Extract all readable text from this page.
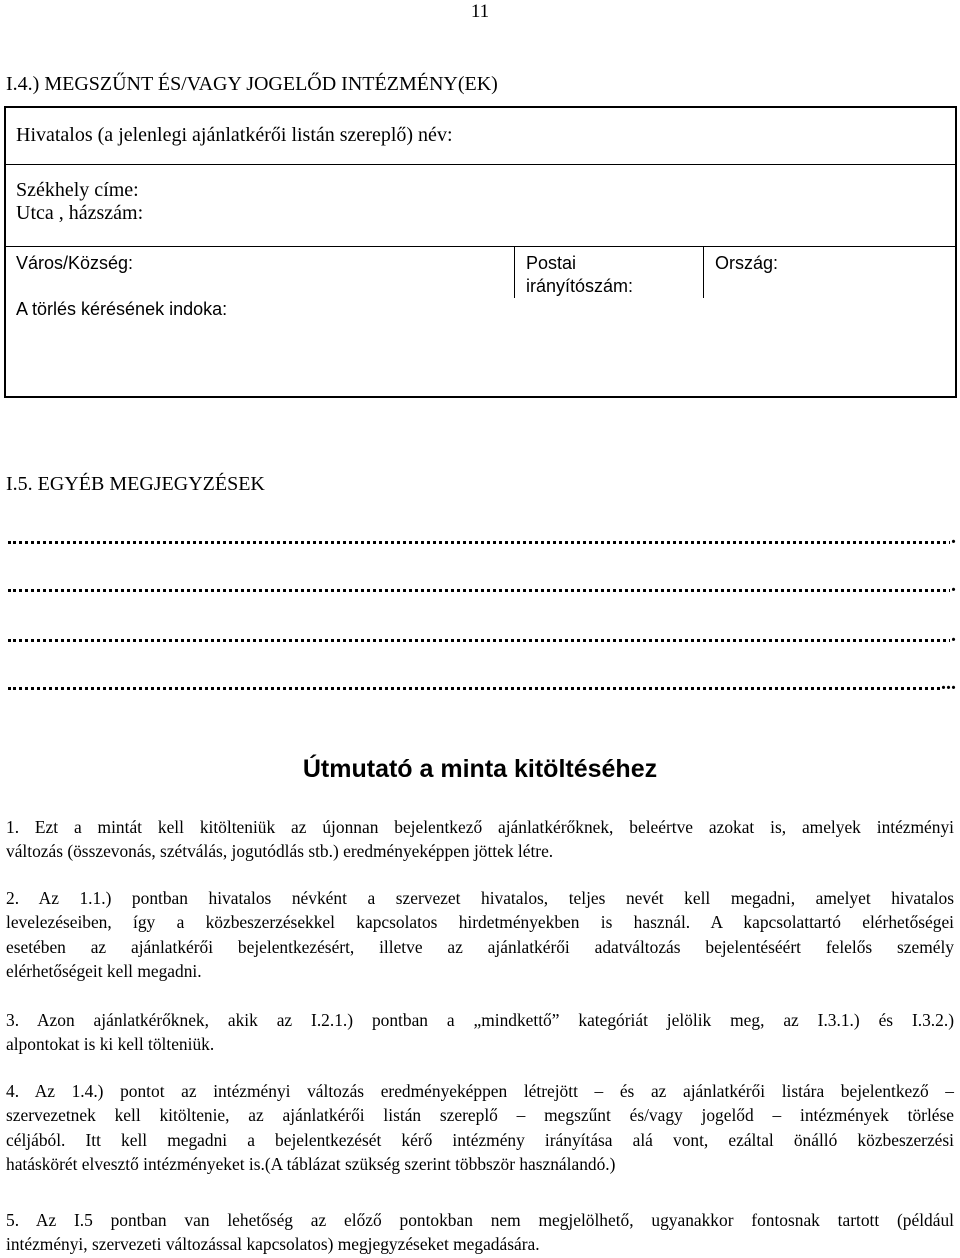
11
I.4.) MEGSZŰNT ÉS/VAGY JOGELŐD INTÉZMÉNY(EK)
Hivatalos (a jelenlegi ajánlatkérői listán szereplő) név:
Székhely címe:
Utca , házszám:
Város/Község:	Postai
irányítószám:
Ország:
A törlés kérésének indoka:
I.5. EGYÉB MEGJEGYZÉSEK
.
.
.
...
Útmutató a minta kitöltéséhez
1. Ezt a mintát kell kitölteniük az újonnan bejelentkező ajánlatkérőknek, beleértve azokat is, amelyek intézményi
változás (összevonás, szétválás, jogutódlás stb.) eredményeképpen jöttek létre.
2. Az 1.1.) pontban hivatalos névként a szervezet hivatalos, teljes nevét kell megadni, amelyet hivatalos
levelezéseiben, így a közbeszerzésekkel kapcsolatos hirdetményekben is használ. A kapcsolattartó elérhetőségei
esetében az ajánlatkérői bejelentkezésért, illetve az ajánlatkérői adatváltozás bejelentéséért felelős személy
elérhetőségeit kell megadni.
3. Azon ajánlatkérőknek, akik az I.2.1.) pontban a „mindkettő” kategóriát jelölik meg, az I.3.1.) és I.3.2.)
alpontokat is ki kell tölteniük.
4. Az 1.4.) pontot az intézményi változás eredményeképpen létrejött – és az ajánlatkérői listára bejelentkező –
szervezetnek kell kitöltenie, az ajánlatkérői listán szereplő – megszűnt és/vagy jogelőd – intézmények törlése
céljából. Itt kell megadni a bejelentkezését kérő intézmény irányítása alá vont, ezáltal önálló közbeszerzési
hatáskörét elvesztő intézményeket is.(A táblázat szükség szerint többször használandó.)
5. Az I.5 pontban van lehetőség az előző pontokban nem megjelölhető, ugyanakkor fontosnak tartott (például
intézményi, szervezeti változással kapcsolatos) megjegyzéseket megadására.
